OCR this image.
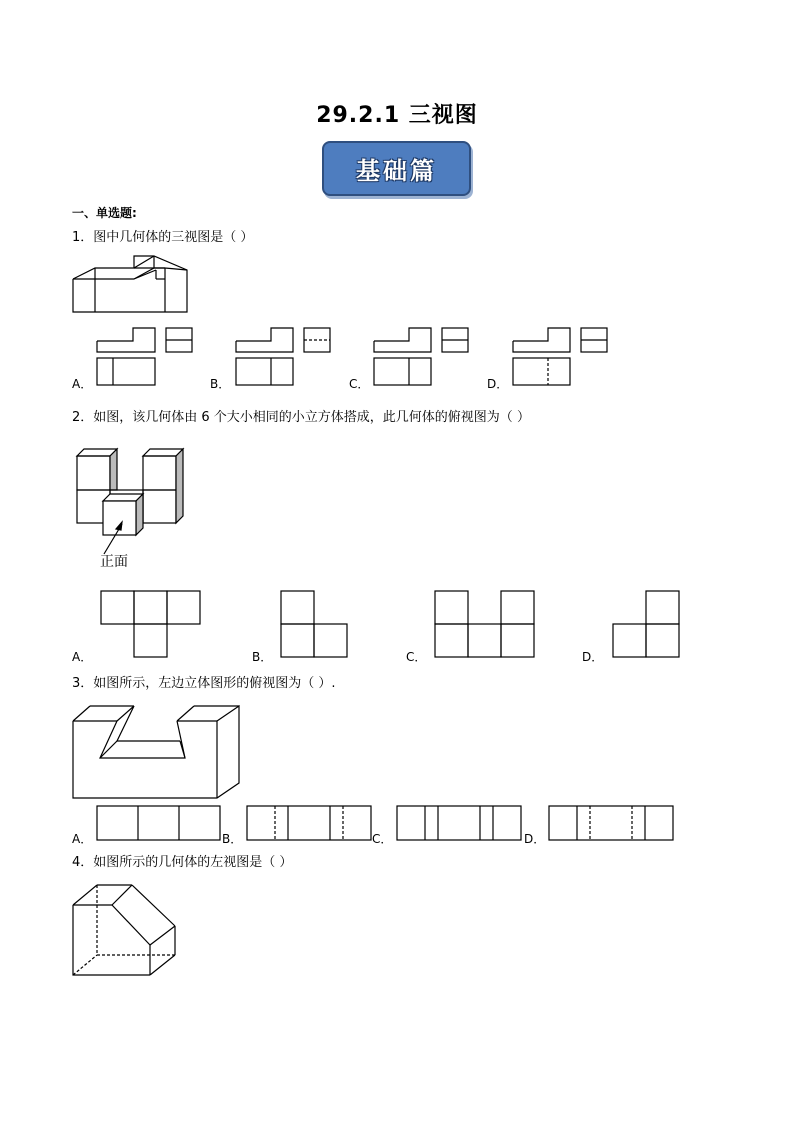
29.2.1 三视图
基础篇
一、单选题:
1．图中几何体的三视图是（ ）
A．	B．	C．	D．
2．如图，该几何体由 6 个大小相同的小立方体搭成，此几何体的俯视图为（ ）
正面
A．	B．	C．	D．
3．如图所示，左边立体图形的俯视图为（ ）.
A．	B．	C．	D．
4．如图所示的几何体的左视图是（ ）
